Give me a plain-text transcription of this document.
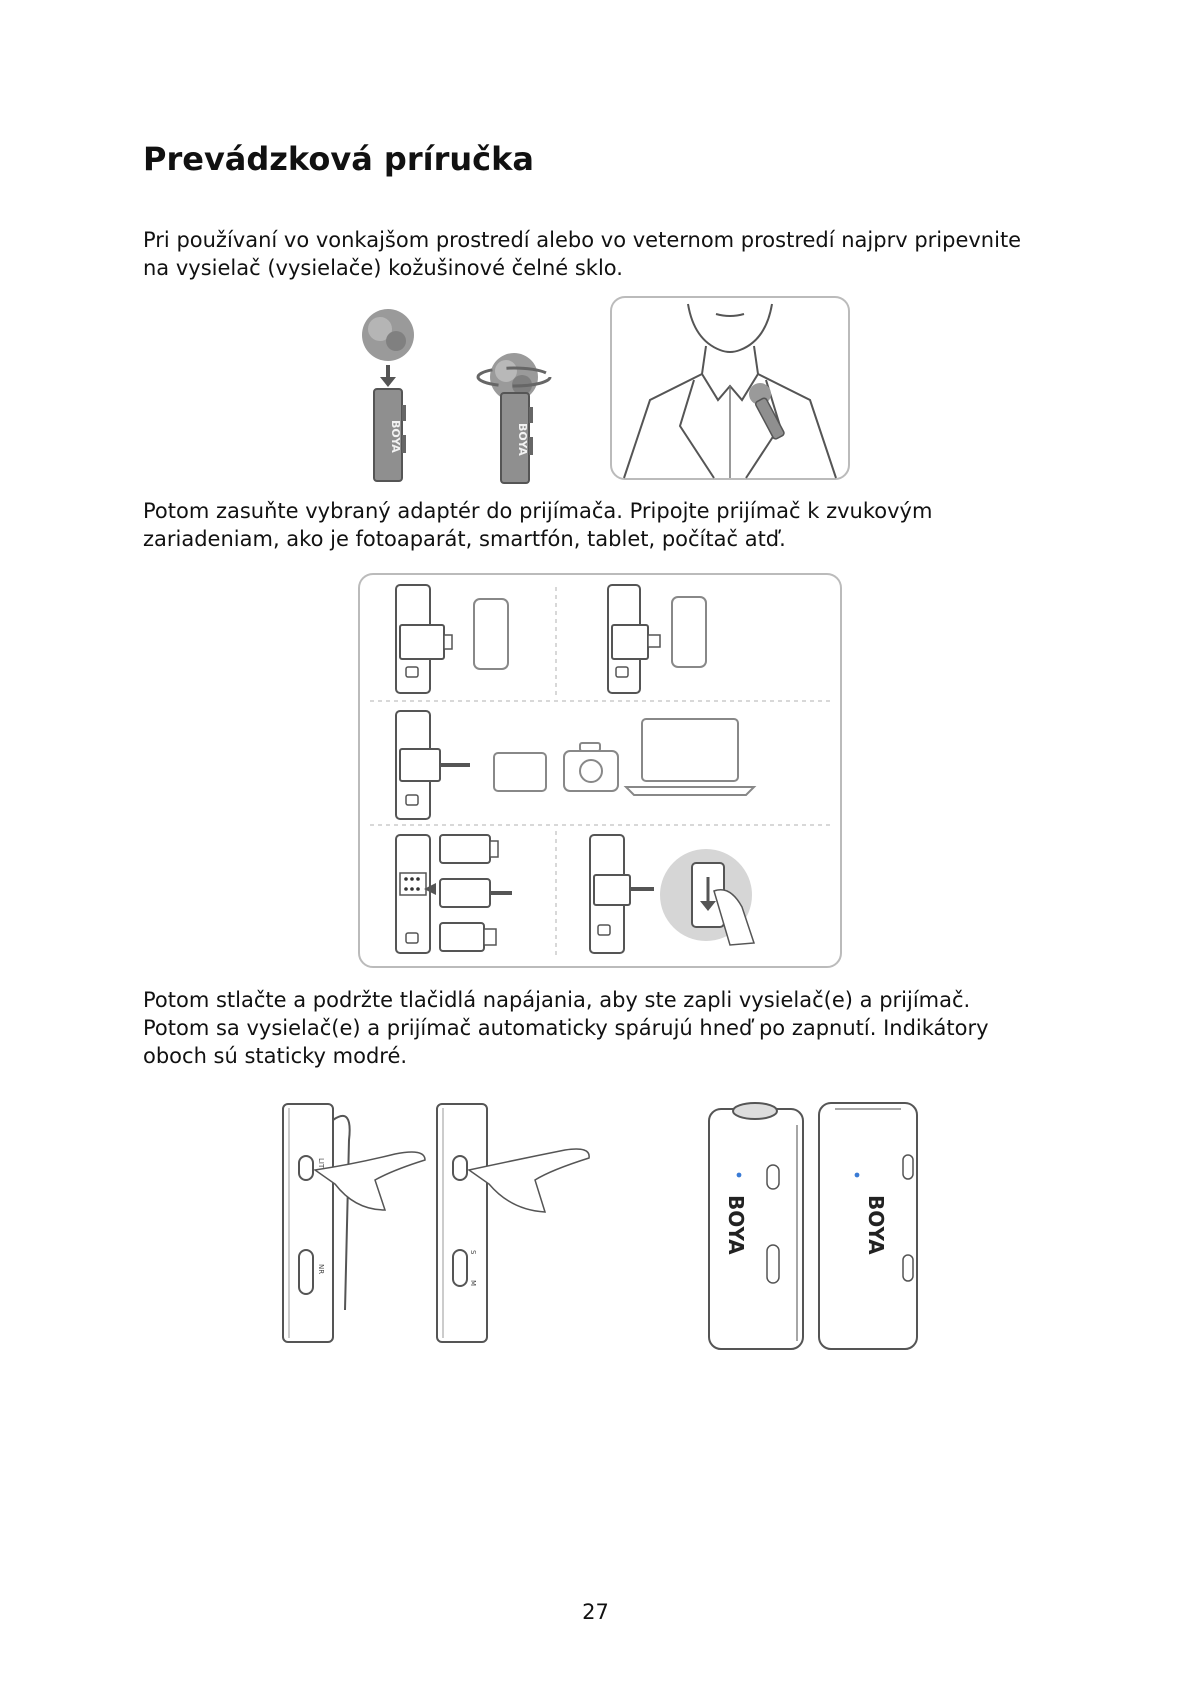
Prevádzková príručka

Pri používaní vo vonkajšom prostredí alebo vo veternom prostredí najprv pripevnite na vysielač (vysielače) kožušinové čelné sklo.

BOYA	BOYA

Potom zasuňte vybraný adaptér do prijímača. Pripojte prijímač k zvukovým zariadeniam, ako je fotoaparát, smartfón, tablet, počítač atď.

Potom stlačte a podržte tlačidlá napájania, aby ste zapli vysielač(e) a prijímač. Potom sa vysielač(e) a prijímač automaticky spárujú hneď po zapnutí. Indikátory oboch sú staticky modré.

LITE
NR
M
S	BOYA	BOYA
27
